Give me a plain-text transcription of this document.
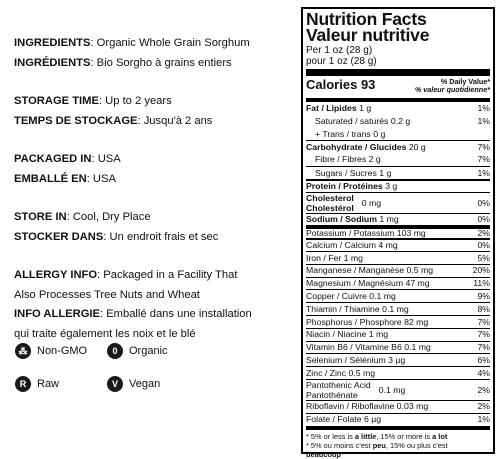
INGREDIENTS: Organic Whole Grain Sorghum
INGRÉDIENTS: Bio Sorgho à grains entiers
STORAGE TIME: Up to 2 years
TEMPS DE STOCKAGE: Jusqu'à 2 ans
PACKAGED IN: USA
EMBALLÉ EN: USA
STORE IN: Cool, Dry Place
STOCKER DANS: Un endroit frais et sec
ALLERGY INFO: Packaged in a Facility That
Also Processes Tree Nuts and Wheat
INFO ALLERGIE: Emballé dans une installation
qui traite également les noix et le blé
⁂ Non-GMO	0	Organic
R Raw	V	Vegan
Nutrition Facts
Valeur nutritive
Per 1 oz (28 g)
pour 1 oz (28 g)
Calories 93	% Daily Value*
% valeur quotidienne*
Fat / Lipides 1 g	1%
Saturated / saturés 0.2 g	1%
+ Trans / trans 0 g
Carbohydrate / Glucides 20 g	7%
Fibre / Fibres 2 g	7%
Sugars / Sucres 1 g	1%
Protein / Protéines 3 g
Cholesterol
Cholestérol 0 mg	0%
Sodium / Sodium 1 mg	0%
Potassium / Potassium 103 mg	2%
Calcium / Calcium 4 mg	0%
Iron / Fer 1 mg	5%
Manganese / Manganèse 0.5 mg	20%
Magnesium / Magnésium 47 mg	11%
Copper / Cuivre 0.1 mg	9%
Thiamin / Thiamine 0.1 mg	8%
Phosphorus / Phosphore 82 mg	7%
Niacin / Niacine 1 mg	7%
Vitamin B6 / Vitamine B6 0.1 mg	7%
Selenium / Sélénium 3 µg	6%
Zinc / Zinc 0.5 mg	4%
Pantothenic Acid
Pantothénate	0.1 mg	2%
Riboflavin / Riboflavine 0.03 mg	2%
Folate / Folate 6 µg	1%
* 5% or less is a little, 15% or more is a lot
* 5% ou moins c'est peu, 15% ou plus c'est
beaucoup
